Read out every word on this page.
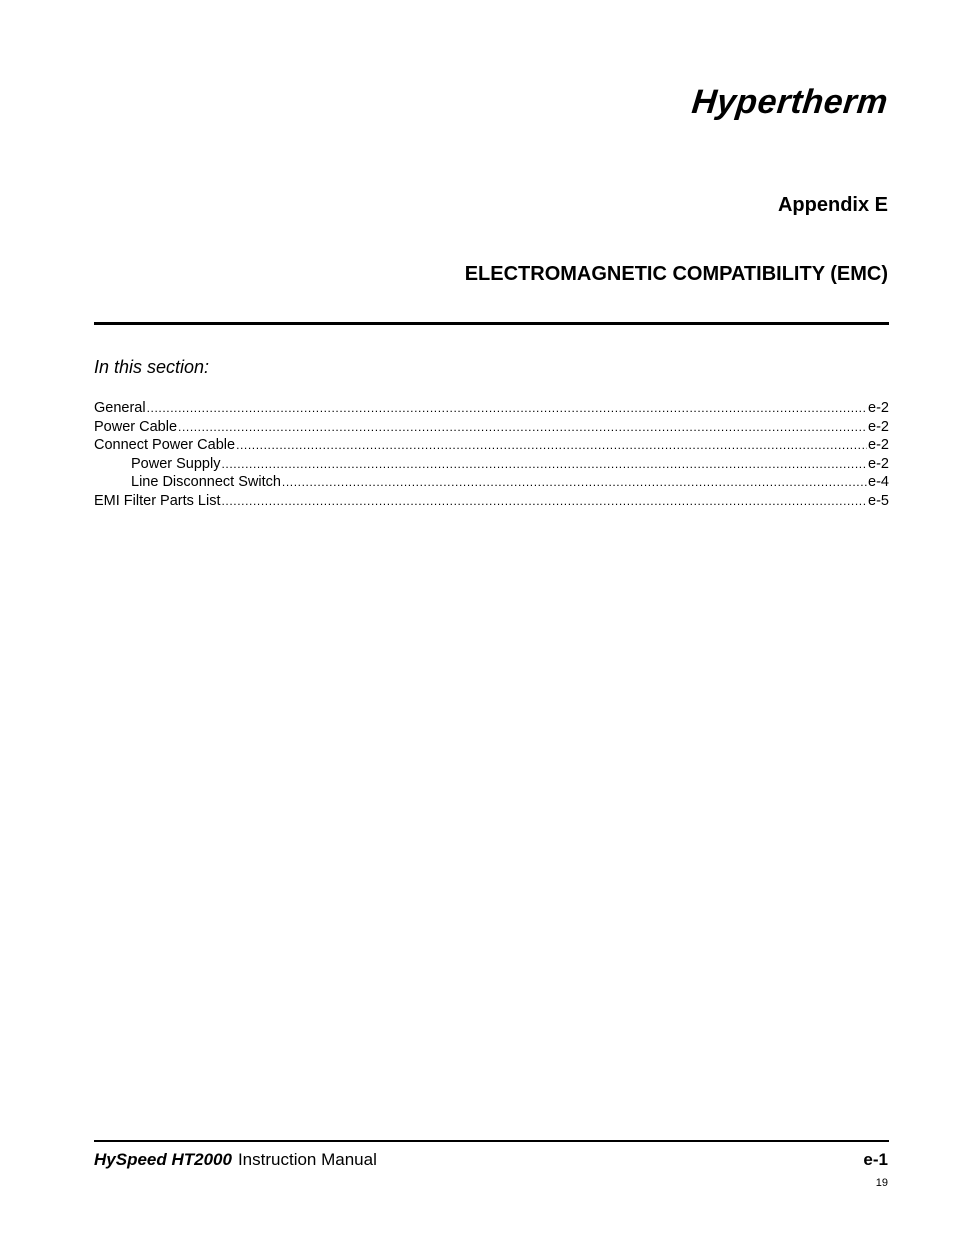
Hypertherm
Appendix E
ELECTROMAGNETIC COMPATIBILITY (EMC)
In this section:
General .....	e-2
Power Cable .....	e-2
Connect Power Cable .....	e-2
Power Supply .....	e-2
Line Disconnect Switch .....	e-4
EMI Filter Parts List .....	e-5
HySpeed HT2000 Instruction Manual	e-1
19
